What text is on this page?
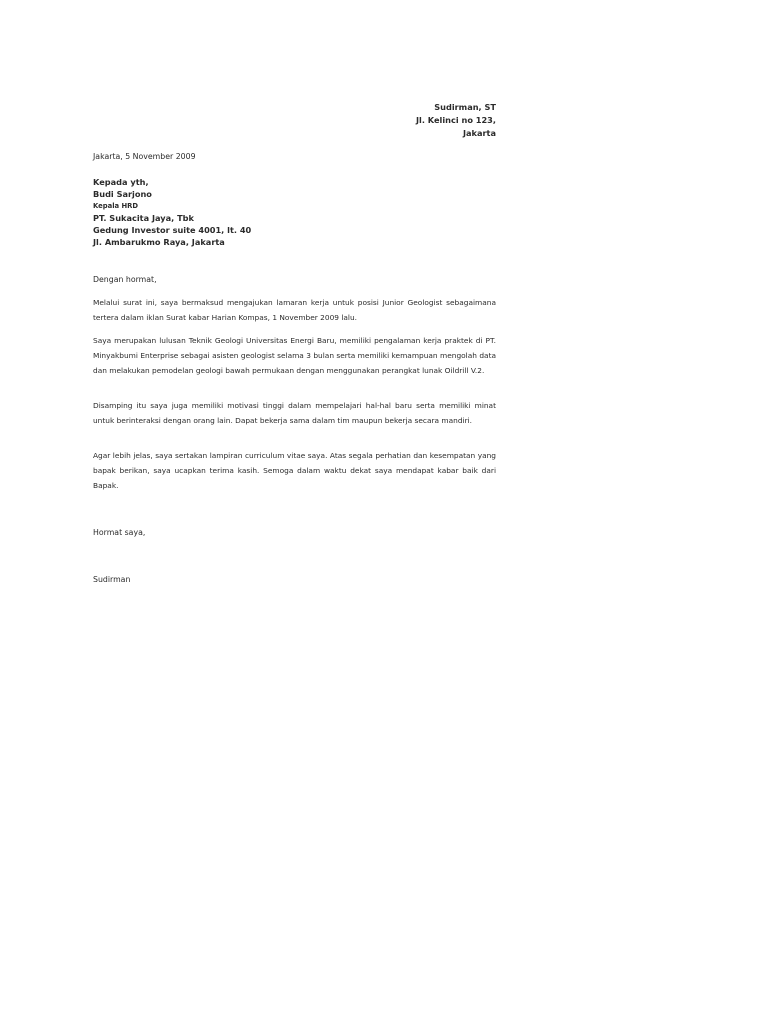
Sudirman, ST
Jl. Kelinci no 123,
Jakarta
Jakarta, 5 November 2009
Kepada yth,
Budi Sarjono
Kepala HRD
PT. Sukacita Jaya, Tbk
Gedung Investor suite 4001, lt. 40
Jl. Ambarukmo Raya, Jakarta
Dengan hormat,
Melalui surat ini, saya bermaksud mengajukan lamaran kerja untuk posisi Junior Geologist sebagaimana tertera dalam iklan Surat kabar Harian Kompas, 1 November 2009 lalu.
Saya merupakan lulusan Teknik Geologi Universitas Energi Baru, memiliki pengalaman kerja praktek di PT. Minyakbumi Enterprise sebagai asisten geologist selama 3 bulan serta memiliki kemampuan mengolah data dan melakukan pemodelan geologi bawah permukaan dengan menggunakan perangkat lunak Oildrill V.2.
Disamping itu saya juga memiliki motivasi tinggi dalam mempelajari hal-hal baru serta memiliki minat untuk berinteraksi dengan orang lain. Dapat bekerja sama dalam tim maupun bekerja secara mandiri.
Agar lebih jelas, saya sertakan lampiran curriculum vitae saya. Atas segala perhatian dan kesempatan yang bapak berikan, saya ucapkan terima kasih. Semoga dalam waktu dekat saya mendapat kabar baik dari Bapak.
Hormat saya,
Sudirman
